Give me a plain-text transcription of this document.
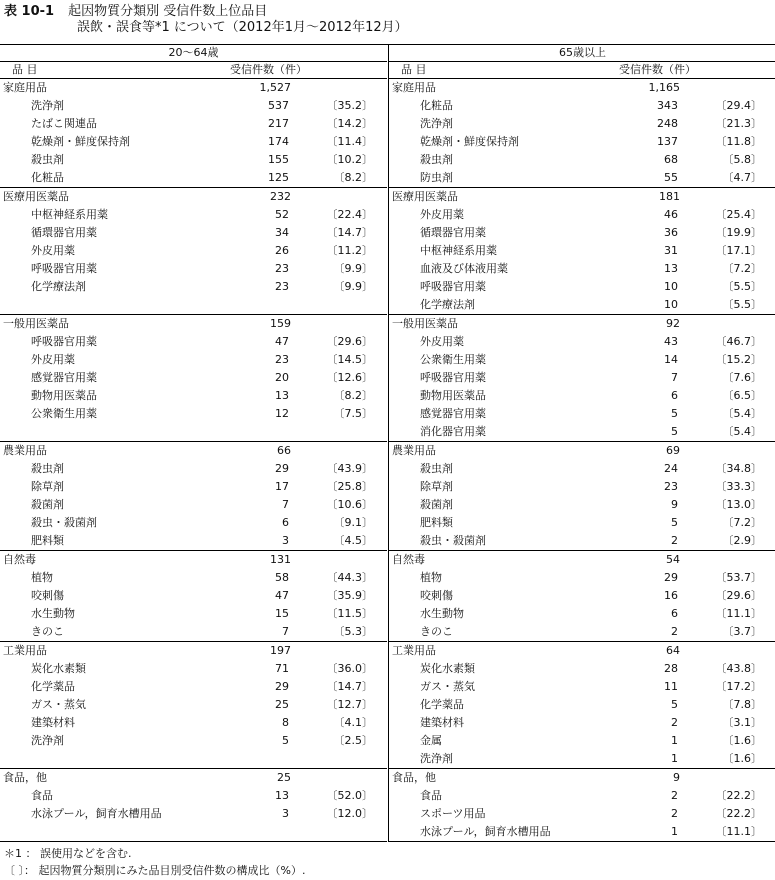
表 10-1 起因物質分類別 受信件数上位品目
誤飲・誤食等*1 について（2012年1月～2012年12月）
20～64歳
品 目	受信件数（件）
家庭用品	1,527
洗浄剤	537	〔35.2〕
たばこ関連品	217	〔14.2〕
乾燥剤・鮮度保持剤	174	〔11.4〕
殺虫剤	155	〔10.2〕
化粧品	125	〔8.2〕
医療用医薬品	232
中枢神経系用薬	52	〔22.4〕
循環器官用薬	34	〔14.7〕
外皮用薬	26	〔11.2〕
呼吸器官用薬	23	〔9.9〕
化学療法剤	23	〔9.9〕
一般用医薬品	159
呼吸器官用薬	47	〔29.6〕
外皮用薬	23	〔14.5〕
感覚器官用薬	20	〔12.6〕
動物用医薬品	13	〔8.2〕
公衆衛生用薬	12	〔7.5〕
農業用品	66
殺虫剤	29	〔43.9〕
除草剤	17	〔25.8〕
殺菌剤	7	〔10.6〕
殺虫・殺菌剤	6	〔9.1〕
肥料類	3	〔4.5〕
自然毒	131
植物	58	〔44.3〕
咬刺傷	47	〔35.9〕
水生動物	15	〔11.5〕
きのこ	7	〔5.3〕
工業用品	197
炭化水素類	71	〔36.0〕
化学薬品	29	〔14.7〕
ガス・蒸気	25	〔12.7〕
建築材料	8	〔4.1〕
洗浄剤	5	〔2.5〕
食品，他	25
食品	13	〔52.0〕
水泳プール，飼育水槽用品	3	〔12.0〕
65歳以上
品 目	受信件数（件）
家庭用品	1,165
化粧品	343	〔29.4〕
洗浄剤	248	〔21.3〕
乾燥剤・鮮度保持剤	137	〔11.8〕
殺虫剤	68	〔5.8〕
防虫剤	55	〔4.7〕
医療用医薬品	181
外皮用薬	46	〔25.4〕
循環器官用薬	36	〔19.9〕
中枢神経系用薬	31	〔17.1〕
血液及び体液用薬	13	〔7.2〕
呼吸器官用薬	10	〔5.5〕
化学療法剤	10	〔5.5〕
一般用医薬品	92
外皮用薬	43	〔46.7〕
公衆衛生用薬	14	〔15.2〕
呼吸器官用薬	7	〔7.6〕
動物用医薬品	6	〔6.5〕
感覚器官用薬	5	〔5.4〕
消化器官用薬	5	〔5.4〕
農業用品	69
殺虫剤	24	〔34.8〕
除草剤	23	〔33.3〕
殺菌剤	9	〔13.0〕
肥料類	5	〔7.2〕
殺虫・殺菌剤	2	〔2.9〕
自然毒	54
植物	29	〔53.7〕
咬刺傷	16	〔29.6〕
水生動物	6	〔11.1〕
きのこ	2	〔3.7〕
工業用品	64
炭化水素類	28	〔43.8〕
ガス・蒸気	11	〔17.2〕
化学薬品	5	〔7.8〕
建築材料	2	〔3.1〕
金属	1	〔1.6〕
洗浄剤	1	〔1.6〕
食品，他	9
食品	2	〔22.2〕
スポーツ用品	2	〔22.2〕
水泳プール，飼育水槽用品	1	〔11.1〕
＊1 ： 誤使用などを含む.
〔 〕： 起因物質分類別にみた品目別受信件数の構成比（%）.
